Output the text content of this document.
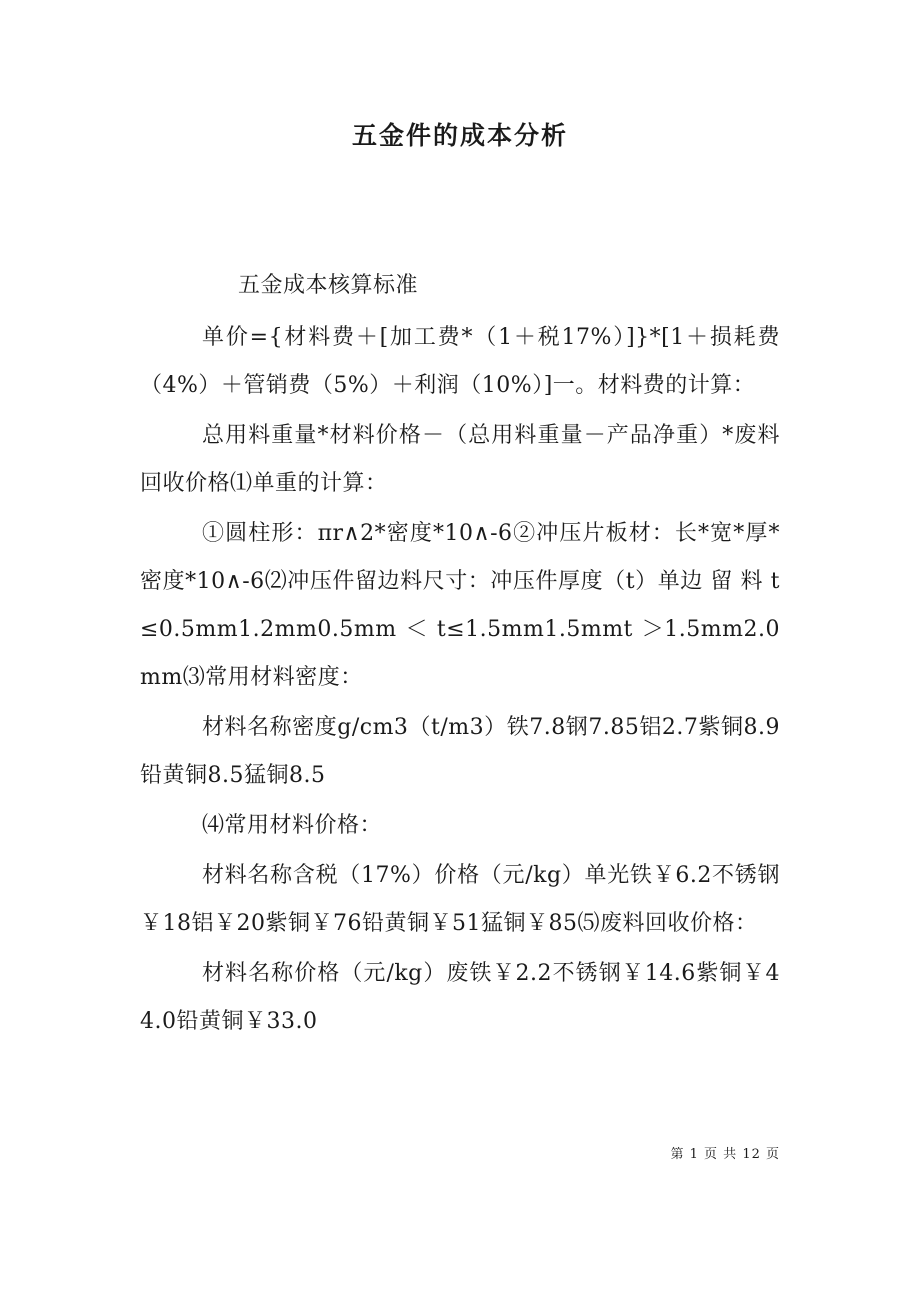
五金件的成本分析

五金成本核算标准

单价={材料费＋[加工费*（1＋税17%）]}*[1＋损耗费（4%）＋管销费（5%）＋利润（10%）]一。材料费的计算：

总用料重量*材料价格－（总用料重量－产品净重）*废料回收价格⑴单重的计算：

①圆柱形：πr∧2*密度*10∧-6②冲压片板材：长*宽*厚*密度*10∧-6⑵冲压件留边料尺寸：冲压件厚度（t）单边 留 料 t≤0.5mm1.2mm0.5mm ＜ t≤1.5mm1.5mmt ＞1.5mm2.0mm⑶常用材料密度：

材料名称密度g/cm3（t/m3）铁7.8钢7.85铝2.7紫铜8.9铅黄铜8.5猛铜8.5

⑷常用材料价格：

材料名称含税（17%）价格（元/kg）单光铁￥6.2不锈钢￥18铝￥20紫铜￥76铅黄铜￥51猛铜￥85⑸废料回收价格：

材料名称价格（元/kg）废铁￥2.2不锈钢￥14.6紫铜￥44.0铅黄铜￥33.0

第 1 页 共 12 页
